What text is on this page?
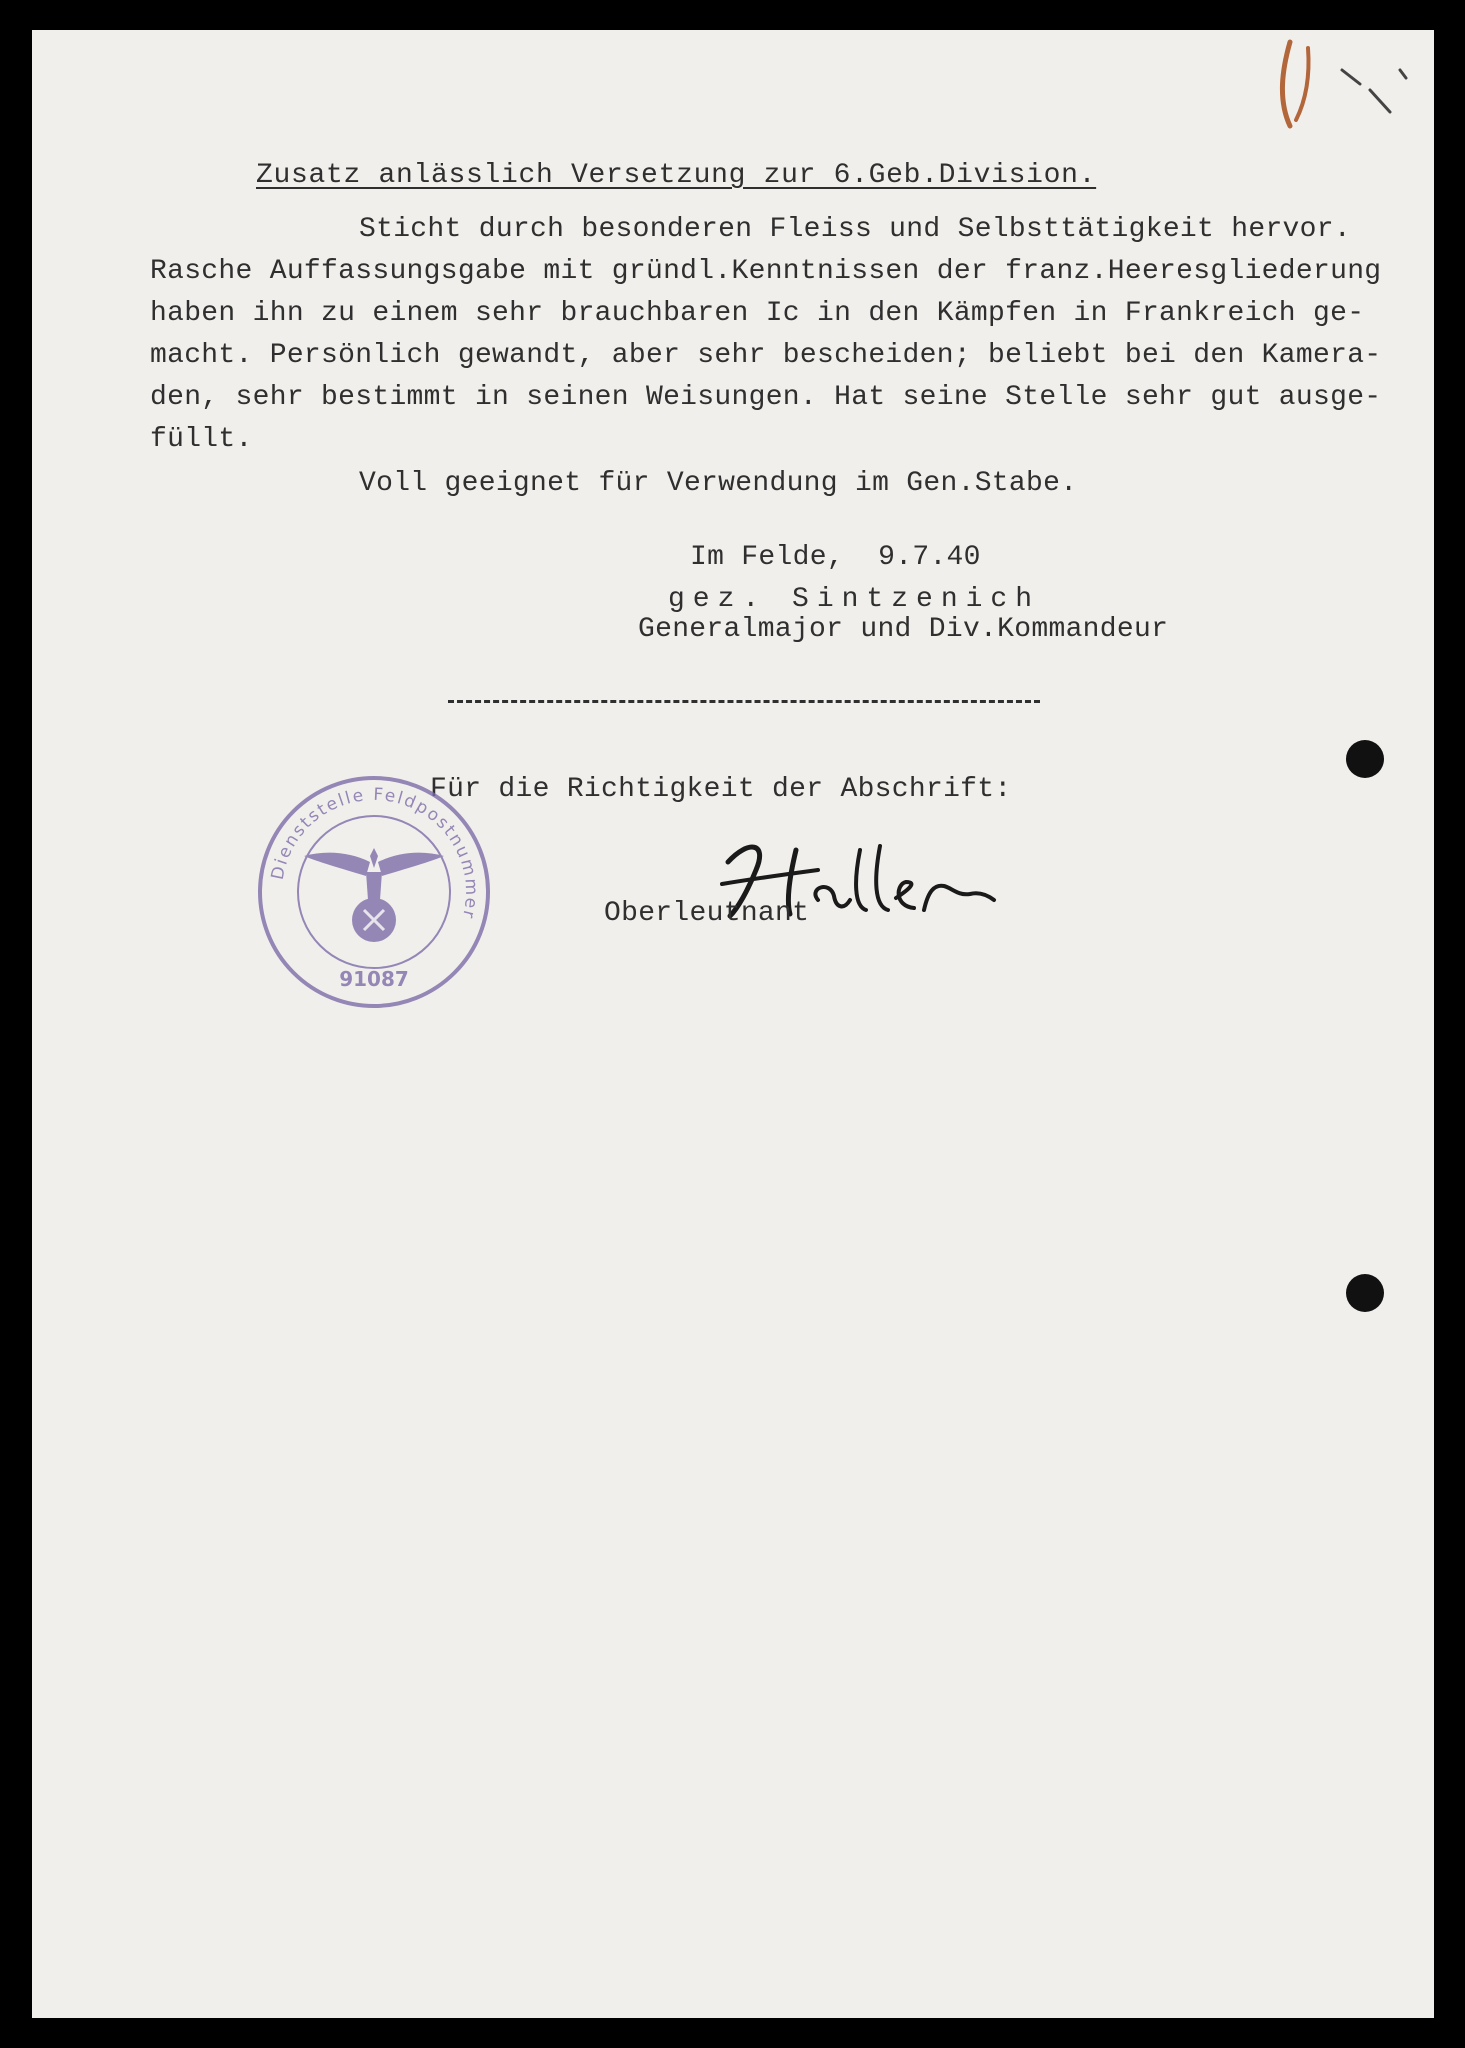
Zusatz anlässlich Versetzung zur 6.Geb.Division.
Sticht durch besonderen Fleiss und Selbsttätigkeit hervor.
Rasche Auffassungsgabe mit gründl.Kenntnissen der franz.Heeresgliederung
haben ihn zu einem sehr brauchbaren Ic in den Kämpfen in Frankreich ge-
macht. Persönlich gewandt, aber sehr bescheiden; beliebt bei den Kamera-
den, sehr bestimmt in seinen Weisungen. Hat seine Stelle sehr gut ausge-
füllt.
Voll geeignet für Verwendung im Gen.Stabe.
Im Felde,  9.7.40
gez. Sintzenich
Generalmajor und Div.Kommandeur
Für die Richtigkeit der Abschrift:
Oberleutnant
Dienststelle Feldpostnummer
91087
